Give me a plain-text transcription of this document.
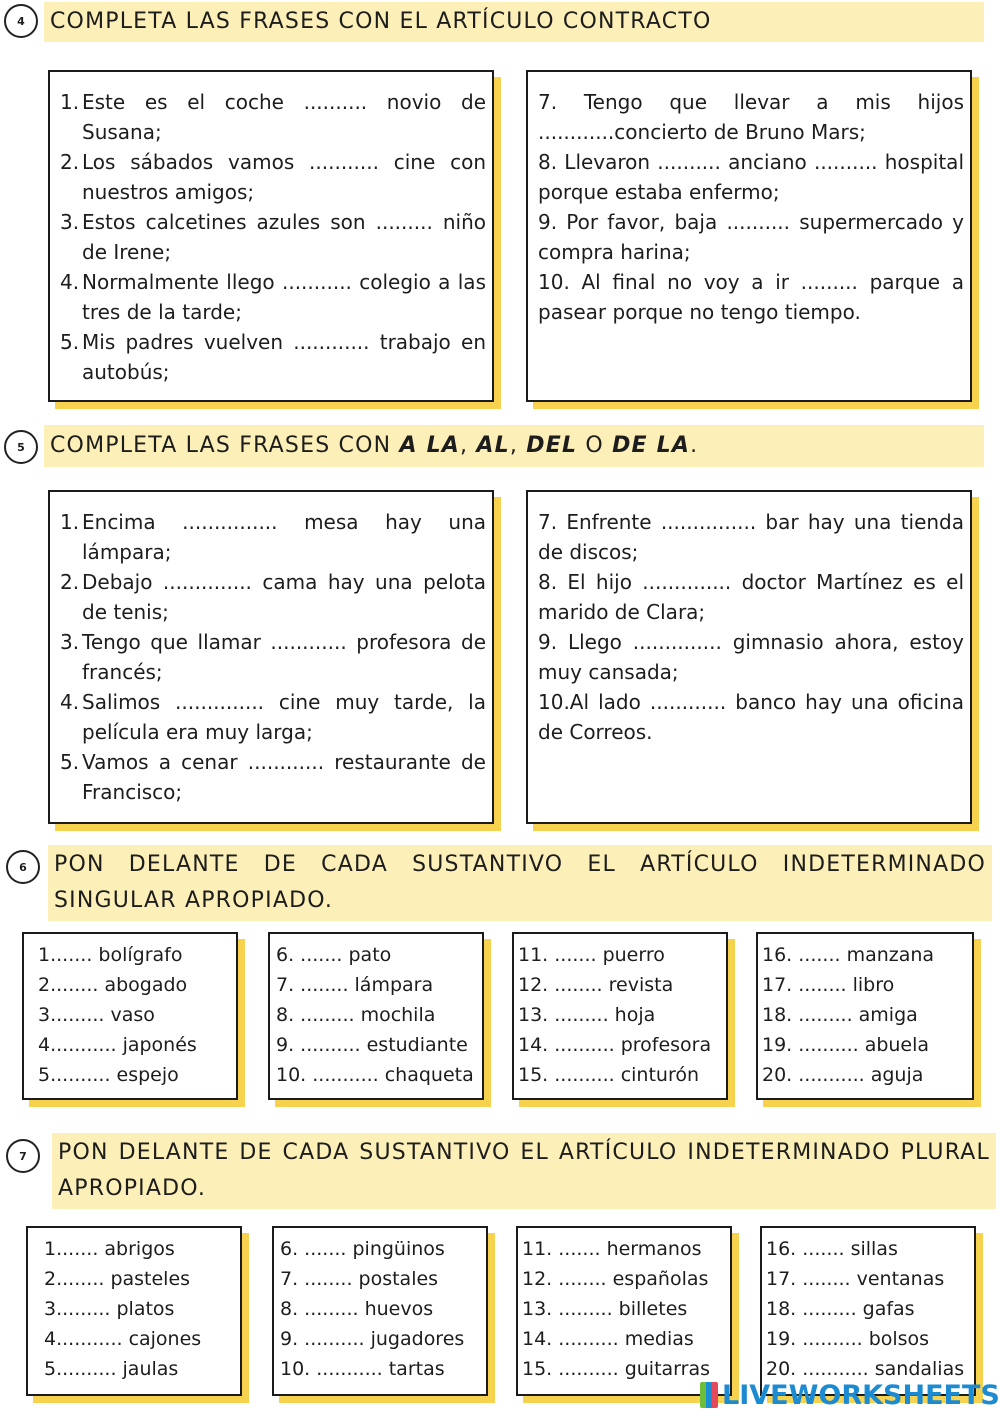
4	COMPLETA LAS FRASES CON EL ARTÍCULO CONTRACTO
1. Este es el coche .......... novio de Susana;
2. Los sábados vamos ........... cine con nuestros amigos;
3. Estos calcetines azules son ......... niño de Irene;
4. Normalmente llego ........... colegio a las tres de la tarde;
5. Mis padres vuelven ............ trabajo en autobús;

7. Tengo que llevar a mis hijos ............concierto de Bruno Mars;

8. Llevaron .......... anciano .......... hospital porque estaba enfermo;

9. Por favor, baja .......... supermercado y compra harina;

10. Al final no voy a ir ......... parque a pasear porque no tengo tiempo.

5	COMPLETA LAS FRASES CON A LA, AL, DEL O DE LA.
1. Encima ............... mesa hay una lámpara;
2. Debajo .............. cama hay una pelota de tenis;
3. Tengo que llamar ............ profesora de francés;
4. Salimos .............. cine muy tarde, la película era muy larga;
5. Vamos a cenar ............ restaurante de Francisco;

7. Enfrente ............... bar hay una tienda de discos;

8. El hijo .............. doctor Martínez es el marido de Clara;

9. Llego .............. gimnasio ahora, estoy muy cansada;

10.Al lado ............ banco hay una oficina de Correos.

6	PON DELANTE DE CADA SUSTANTIVO EL ARTÍCULO INDETERMINADO SINGULAR APROPIADO.
1....... bolígrafo
2........ abogado
3......... vaso
4........... japonés
5.......... espejo
6. ....... pato
7. ........ lámpara
8. ......... mochila
9. .......... estudiante
10. ........... chaqueta
11. ....... puerro
12. ........ revista
13. ......... hoja
14. .......... profesora
15. .......... cinturón
16. ....... manzana
17. ........ libro
18. ......... amiga
19. .......... abuela
20. ........... aguja
7	PON DELANTE DE CADA SUSTANTIVO EL ARTÍCULO INDETERMINADO PLURAL APROPIADO.
1....... abrigos
2........ pasteles
3......... platos
4........... cajones
5.......... jaulas
6. ....... pingüinos
7. ........ postales
8. ......... huevos
9. .......... jugadores
10. ........... tartas
11. ....... hermanos
12. ........ españolas
13. ......... billetes
14. .......... medias
15. .......... guitarras
16. ....... sillas
17. ........ ventanas
18. ......... gafas
19. .......... bolsos
20. ........... sandalias
LIVEWORKSHEETS
